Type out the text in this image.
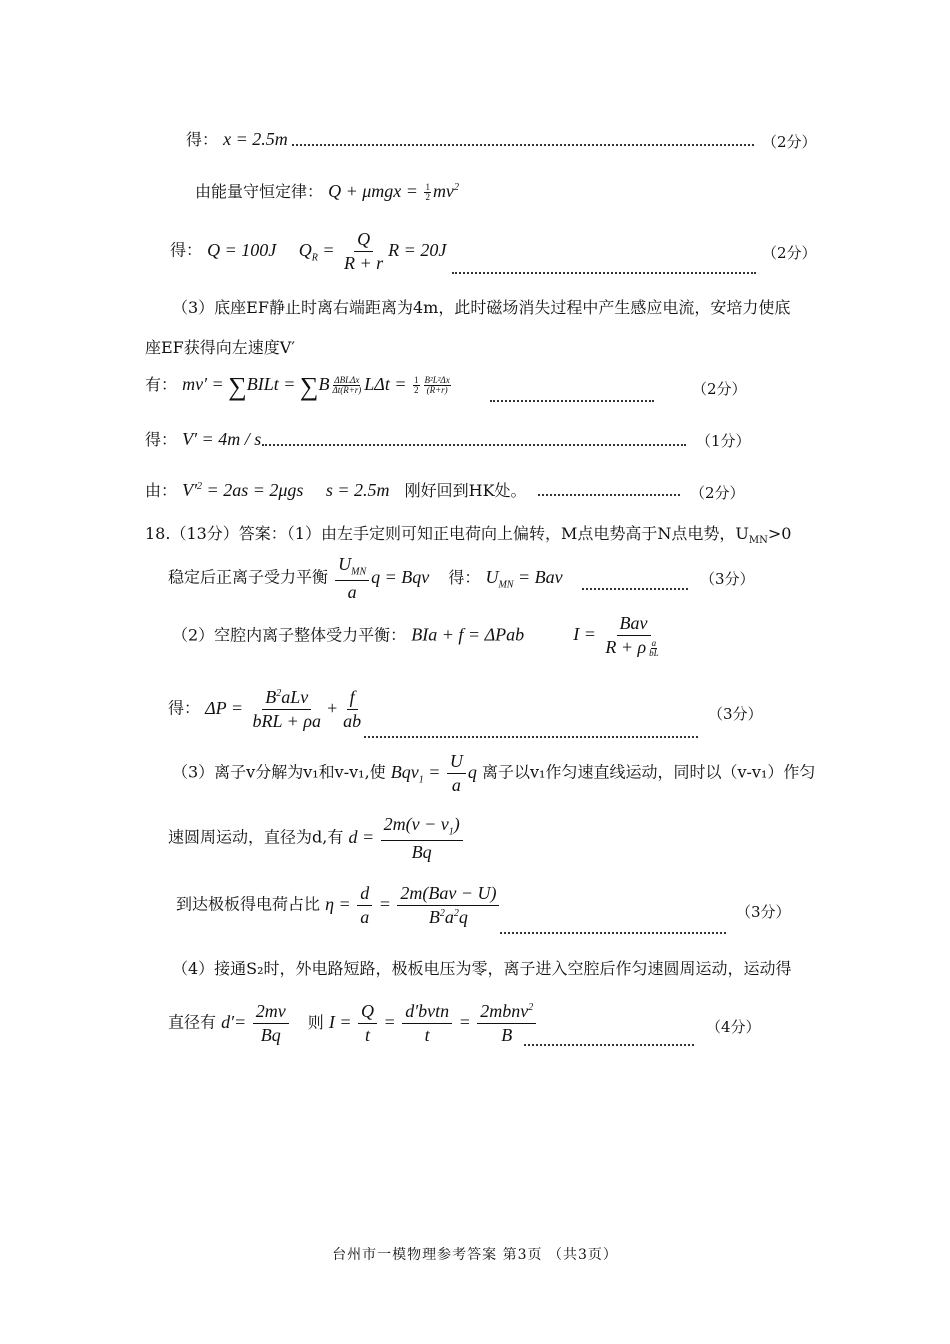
得： x = 2.5m	（2分）
由能量守恒定律： $Q + \mu mgx = \frac{1}{2} mv^2$
得： Q = 100J     $Q_R = \frac{Q}{R + r}$ R = 20J	（2分）
（3）底座EF静止时离右端距离为4m，此时磁场消失过程中产生感应电流，安培力使底
座EF获得向左速度V′
有： mv′ = ∑BILt = $\sum B \frac{\text{ΔBLΔx}}{\Delta t(R+r)}$ $L\Delta t = \frac{1}{2} \frac{\text{B²L²Δx}}{(R+r)}$	（2分）
得： V′ = 4m / s	（1分）
由： $V'^2 = 2as = 2\mu gs$     s = 2.5m 刚好回到HK处。	（2分）
18.（13分）答案：（1）由左手定则可知正电荷向上偏转，M点电势高于N点电势，$U_{MN}>0$
稳定后正离子受力平衡 $\frac{U_{MN}}{a}$ q = Bqv 得： $U_{MN}$ = Bav	（3分）
（2）空腔内离子整体受力平衡： BIa + f = ΔPab	$I = \frac{\text{Bav}}{R + \rho \frac{a}{bL}}$
得： $\Delta P = \frac{B^2aLv}{\text{bRL + ρa}} + \frac{f}{ab}$	（3分）
（3）离子v分解为v₁和v-v₁,使 $Bqv_1 = \frac{U}{a}$ q 离子以v₁作匀速直线运动，同时以（v-v₁）作匀
速圆周运动，直径为d,有 $d = \frac{2m(v - v_1)}{Bq}$
到达极板得电荷占比 $\eta = \frac{d}{a} = \frac{\text{2m(Bav − U)}}{B^2a^2q}$	（3分）
（4）接通S₂时，外电路短路，极板电压为零，离子进入空腔后作匀速圆周运动，运动得
直径有 $d'= \frac{2mv}{Bq}$ 则 $I = \frac{Q}{t} = \frac{\text{d′bvtn}}{t} = \frac{2mbnv^2}{B}$	（4分）
台州市一模物理参考答案 第3页 （共3页）
